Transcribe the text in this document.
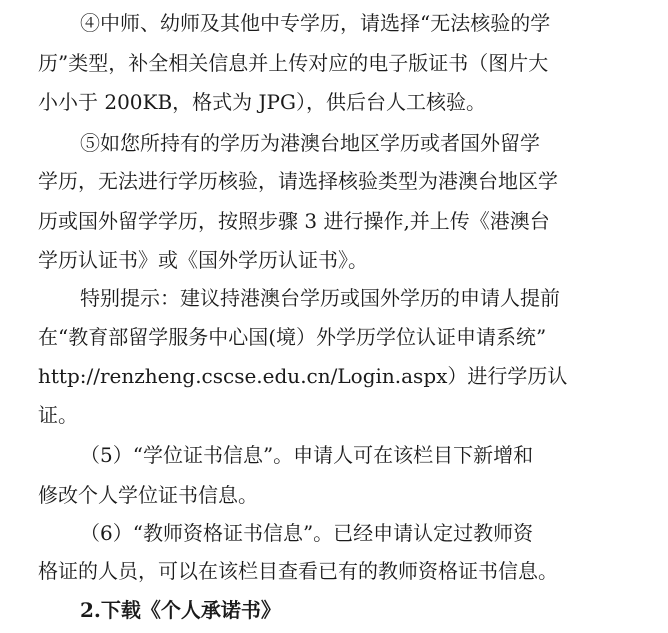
④中师、幼师及其他中专学历，请选择“无法核验的学
历”类型，补全相关信息并上传对应的电子版证书（图片大
小小于 200KB，格式为 JPG），供后台人工核验。
⑤如您所持有的学历为港澳台地区学历或者国外留学
学历，无法进行学历核验，请选择核验类型为港澳台地区学
历或国外留学学历，按照步骤 3 进行操作,并上传《港澳台
学历认证书》或《国外学历认证书》。
特别提示：建议持港澳台学历或国外学历的申请人提前
在“教育部留学服务中心国(境）外学历学位认证申请系统”
http://renzheng.cscse.edu.cn/Login.aspx）进行学历认
证。
（5）“学位证书信息”。申请人可在该栏目下新增和
修改个人学位证书信息。
（6）“教师资格证书信息”。已经申请认定过教师资
格证的人员，可以在该栏目查看已有的教师资格证书信息。
2.下载《个人承诺书》
